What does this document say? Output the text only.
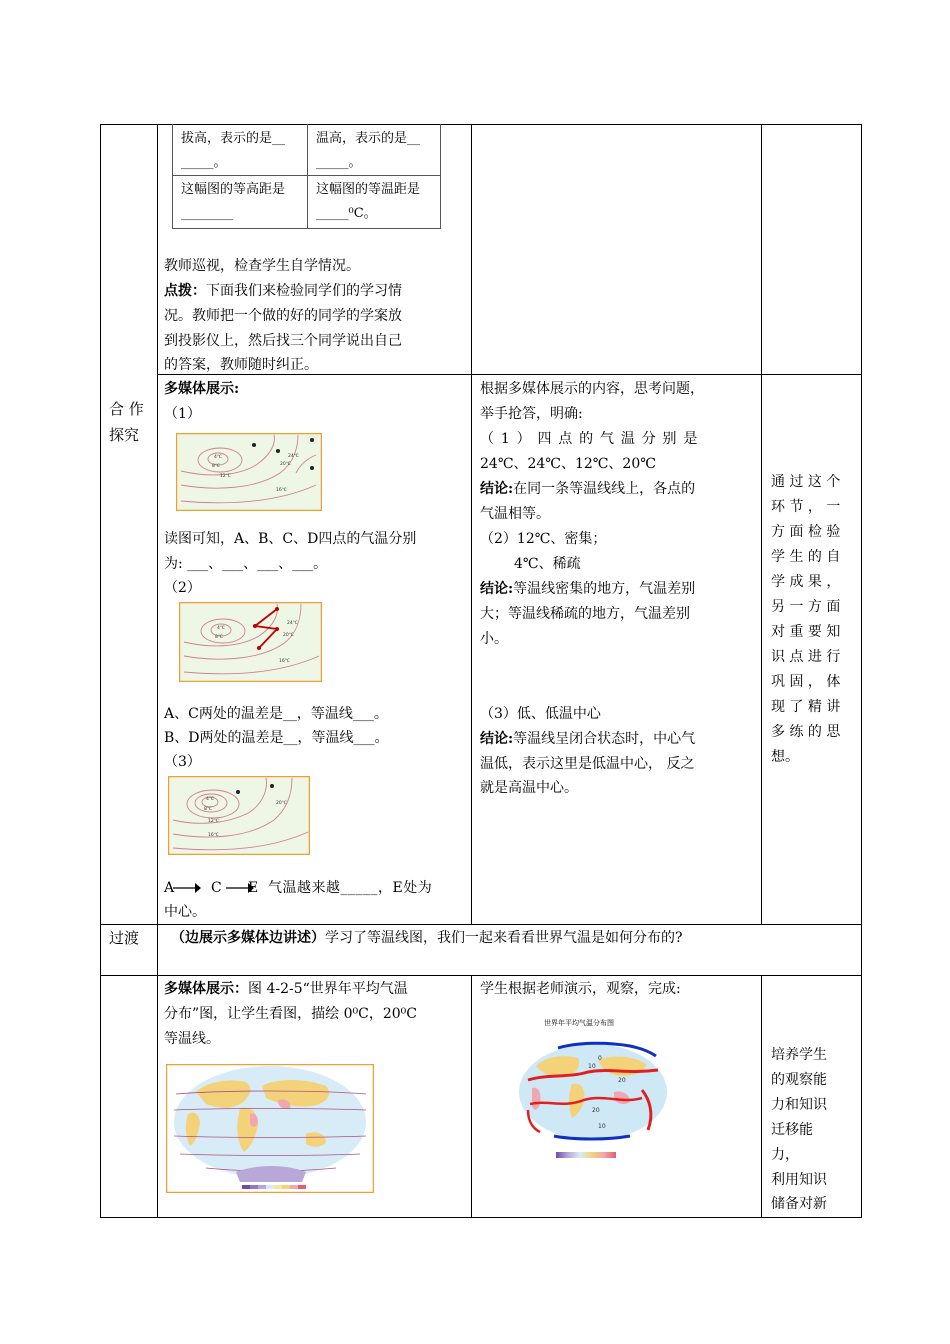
合 作
探究
过渡
拔高，表示的是__
_____。
温高，表示的是__
_____。
这幅图的等高距是
________
这幅图的等温距是
_____⁰C。
教师巡视，检查学生自学情况。
点拨：下面我们来检验同学们的学习情
况。教师把一个做的好的同学的学案放
到投影仪上，然后找三个同学说出自己
的答案，教师随时纠正。
多媒体展示:
（1）
4℃
8℃
12℃
16℃
20℃
24℃
读图可知，A、B、C、D四点的气温分别
为: ___、___、___、___。
（2）
4℃
8℃
16℃
20℃
24℃
A、C两处的温差是__，等温线___。
B、D两处的温差是__，等温线___。
（3）
4℃
8℃
12℃
16℃
20℃
A	C E 气温越来越_____，E处为
中心。
根据多媒体展示的内容，思考问题，
举手抢答，明确:
（ 1 ） 四 点 的 气 温 分 别 是
24℃、24℃、12℃、20℃
结论:在同一条等温线线上，各点的
气温相等。
（2）12℃、密集；
4℃、稀疏
结论:等温线密集的地方，气温差别
大；等温线稀疏的地方，气温差别
小。
（3）低、低温中心
结论:等温线呈闭合状态时，中心气
温低，表示这里是低温中心， 反之
就是高温中心。
通 过 这 个
环 节 ， 一
方 面 检 验
学 生 的 自
学 成 果 ，
另 一 方 面
对 重 要 知
识 点 进 行
巩 固 ， 体
现 了 精 讲
多 练 的 思
想。
（边展示多媒体边讲述）学习了等温线图，我们一起来看看世界气温是如何分布的?
多媒体展示：图 4-2-5“世界年平均气温
分布”图，让学生看图，描绘 0⁰C，20⁰C
等温线。
学生根据老师演示，观察，完成:
世界年平均气温分布图
0
10
20
20
10
培养学生
的观察能
力和知识
迁移能
力，
利用知识
储备对新
